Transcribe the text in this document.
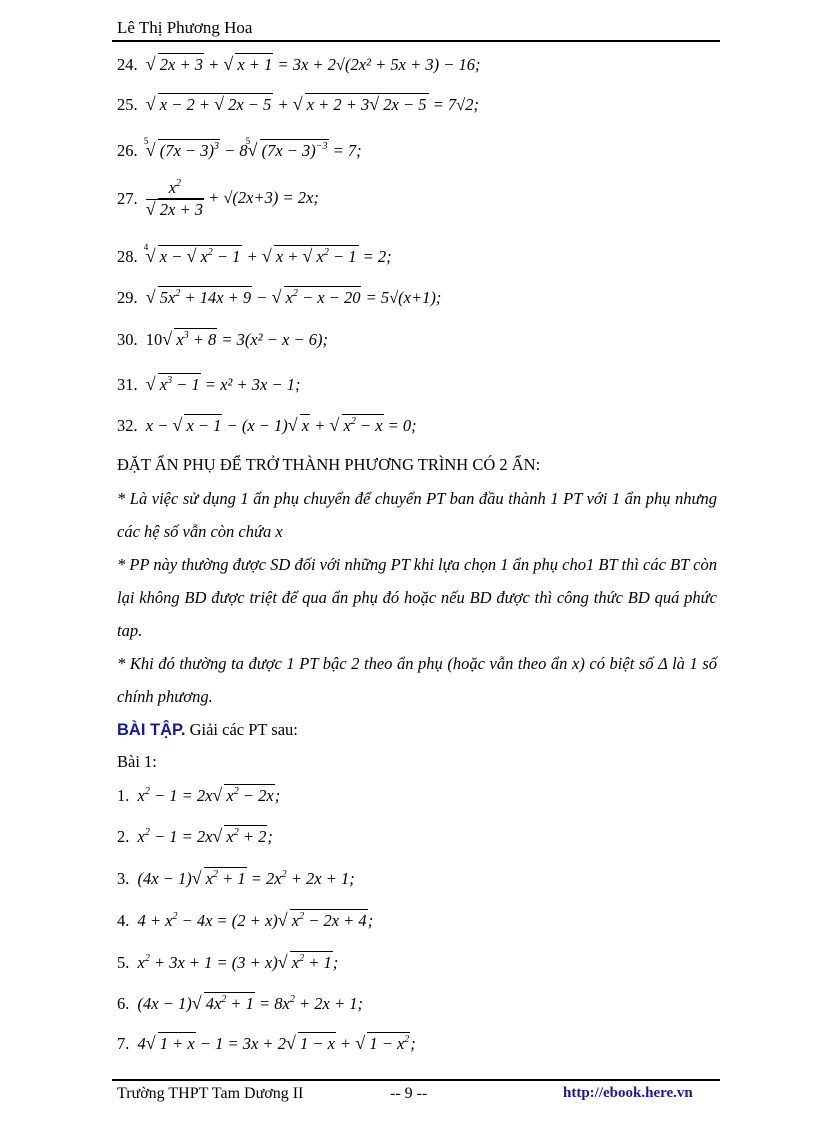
Lê Thị Phương Hoa
24. √ 2x + 3 + √ x + 1 = 3x + 2√(2x² + 5x + 3) − 16;
25. √ x − 2 + √ 2x − 5 + √ x + 2 + 3√ 2x − 5 = 7√2;
26.
√ 5 $(7x - 3)^3 - 8$
√ 5 $(7x - 3)^{-3} = 7$;
27. $x^2$
√ 2x + 3 + √(2x+3) = 2x;
28.
√ 4 x − √ $x^2 - 1$ + √ x + √ $x^2 - 1 = 2$;
29. √ $5x^2 + 14x + 9$ − √ $x^2 - x - 20 = 5√(x+1)$;
30. 10√ $x^3 + 8 = 3(x^2 - x - 6)$;
31. √ $x^3 - 1 = x^2 + 3x - 1$;
32. x − √ x − 1 − (x − 1)√ x + √ $x^2 - x = 0$;
ĐẶT ẨN PHỤ ĐỂ TRỞ THÀNH PHƯƠNG TRÌNH CÓ 2 ẨN:
* Là việc sử dụng 1 ẩn phụ chuyển để chuyển PT ban đầu thành 1 PT với 1 ẩn phụ nhưng các hệ số vẫn còn chứa x
* PP này thường được SD đối với những PT khi lựa chọn 1 ẩn phụ cho1 BT thì các BT còn lại không BD được triệt để qua ẩn phụ đó hoặc nếu BD được thì công thức BD quá phức tap.
* Khi đó thường ta được 1 PT bậc 2 theo ẩn phụ (hoặc vẫn theo ẩn x) có biệt số Δ là 1 số chính phương.
BÀI TẬP. Giải các PT sau:
Bài 1:
1. $x^2 - 1 = 2x√$ $x^2 - 2x$;
2. $x^2 - 1 = 2x√$ $x^2 + 2$;
3. (4x − 1)√ $x^2 + 1 = 2x^2 + 2x + 1$;
4. $4 + x^2 - 4x = (2 + x)√$ $x^2 - 2x + 4$;
5. $x^2 + 3x + 1 = (3 + x)√$ $x^2 + 1$;
6. (4x − 1)√ $4x^2 + 1 = 8x^2 + 2x + 1$;
7. 4√ 1 + x − 1 = 3x + 2√ 1 − x + √ $1 - x^2$;
Trường THPT Tam Dương II	-- 9 --	http://ebook.here.vn
